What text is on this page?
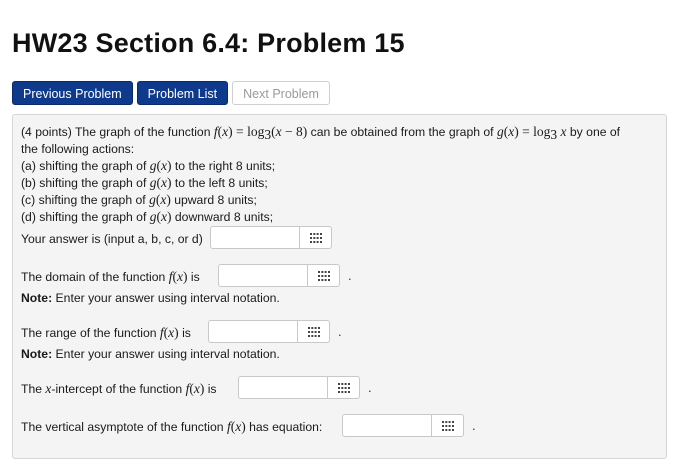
HW23 Section 6.4: Problem 15
Previous Problem	Problem List	Next Problem
(4 points) The graph of the function $f(x) = \log_3(x - 8)$ can be obtained from the graph of $g(x) = \log_3 x$ by one of
the following actions:
(a) shifting the graph of g(x) to the right 8 units;
(b) shifting the graph of g(x) to the left 8 units;
(c) shifting the graph of g(x) upward 8 units;
(d) shifting the graph of g(x) downward 8 units;
Your answer is (input a, b, c, or d)
The domain of the function f(x) is	.
Note: Enter your answer using interval notation.
The range of the function f(x) is	.
Note: Enter your answer using interval notation.
The x-intercept of the function f(x) is	.
The vertical asymptote of the function f(x) has equation:	.
